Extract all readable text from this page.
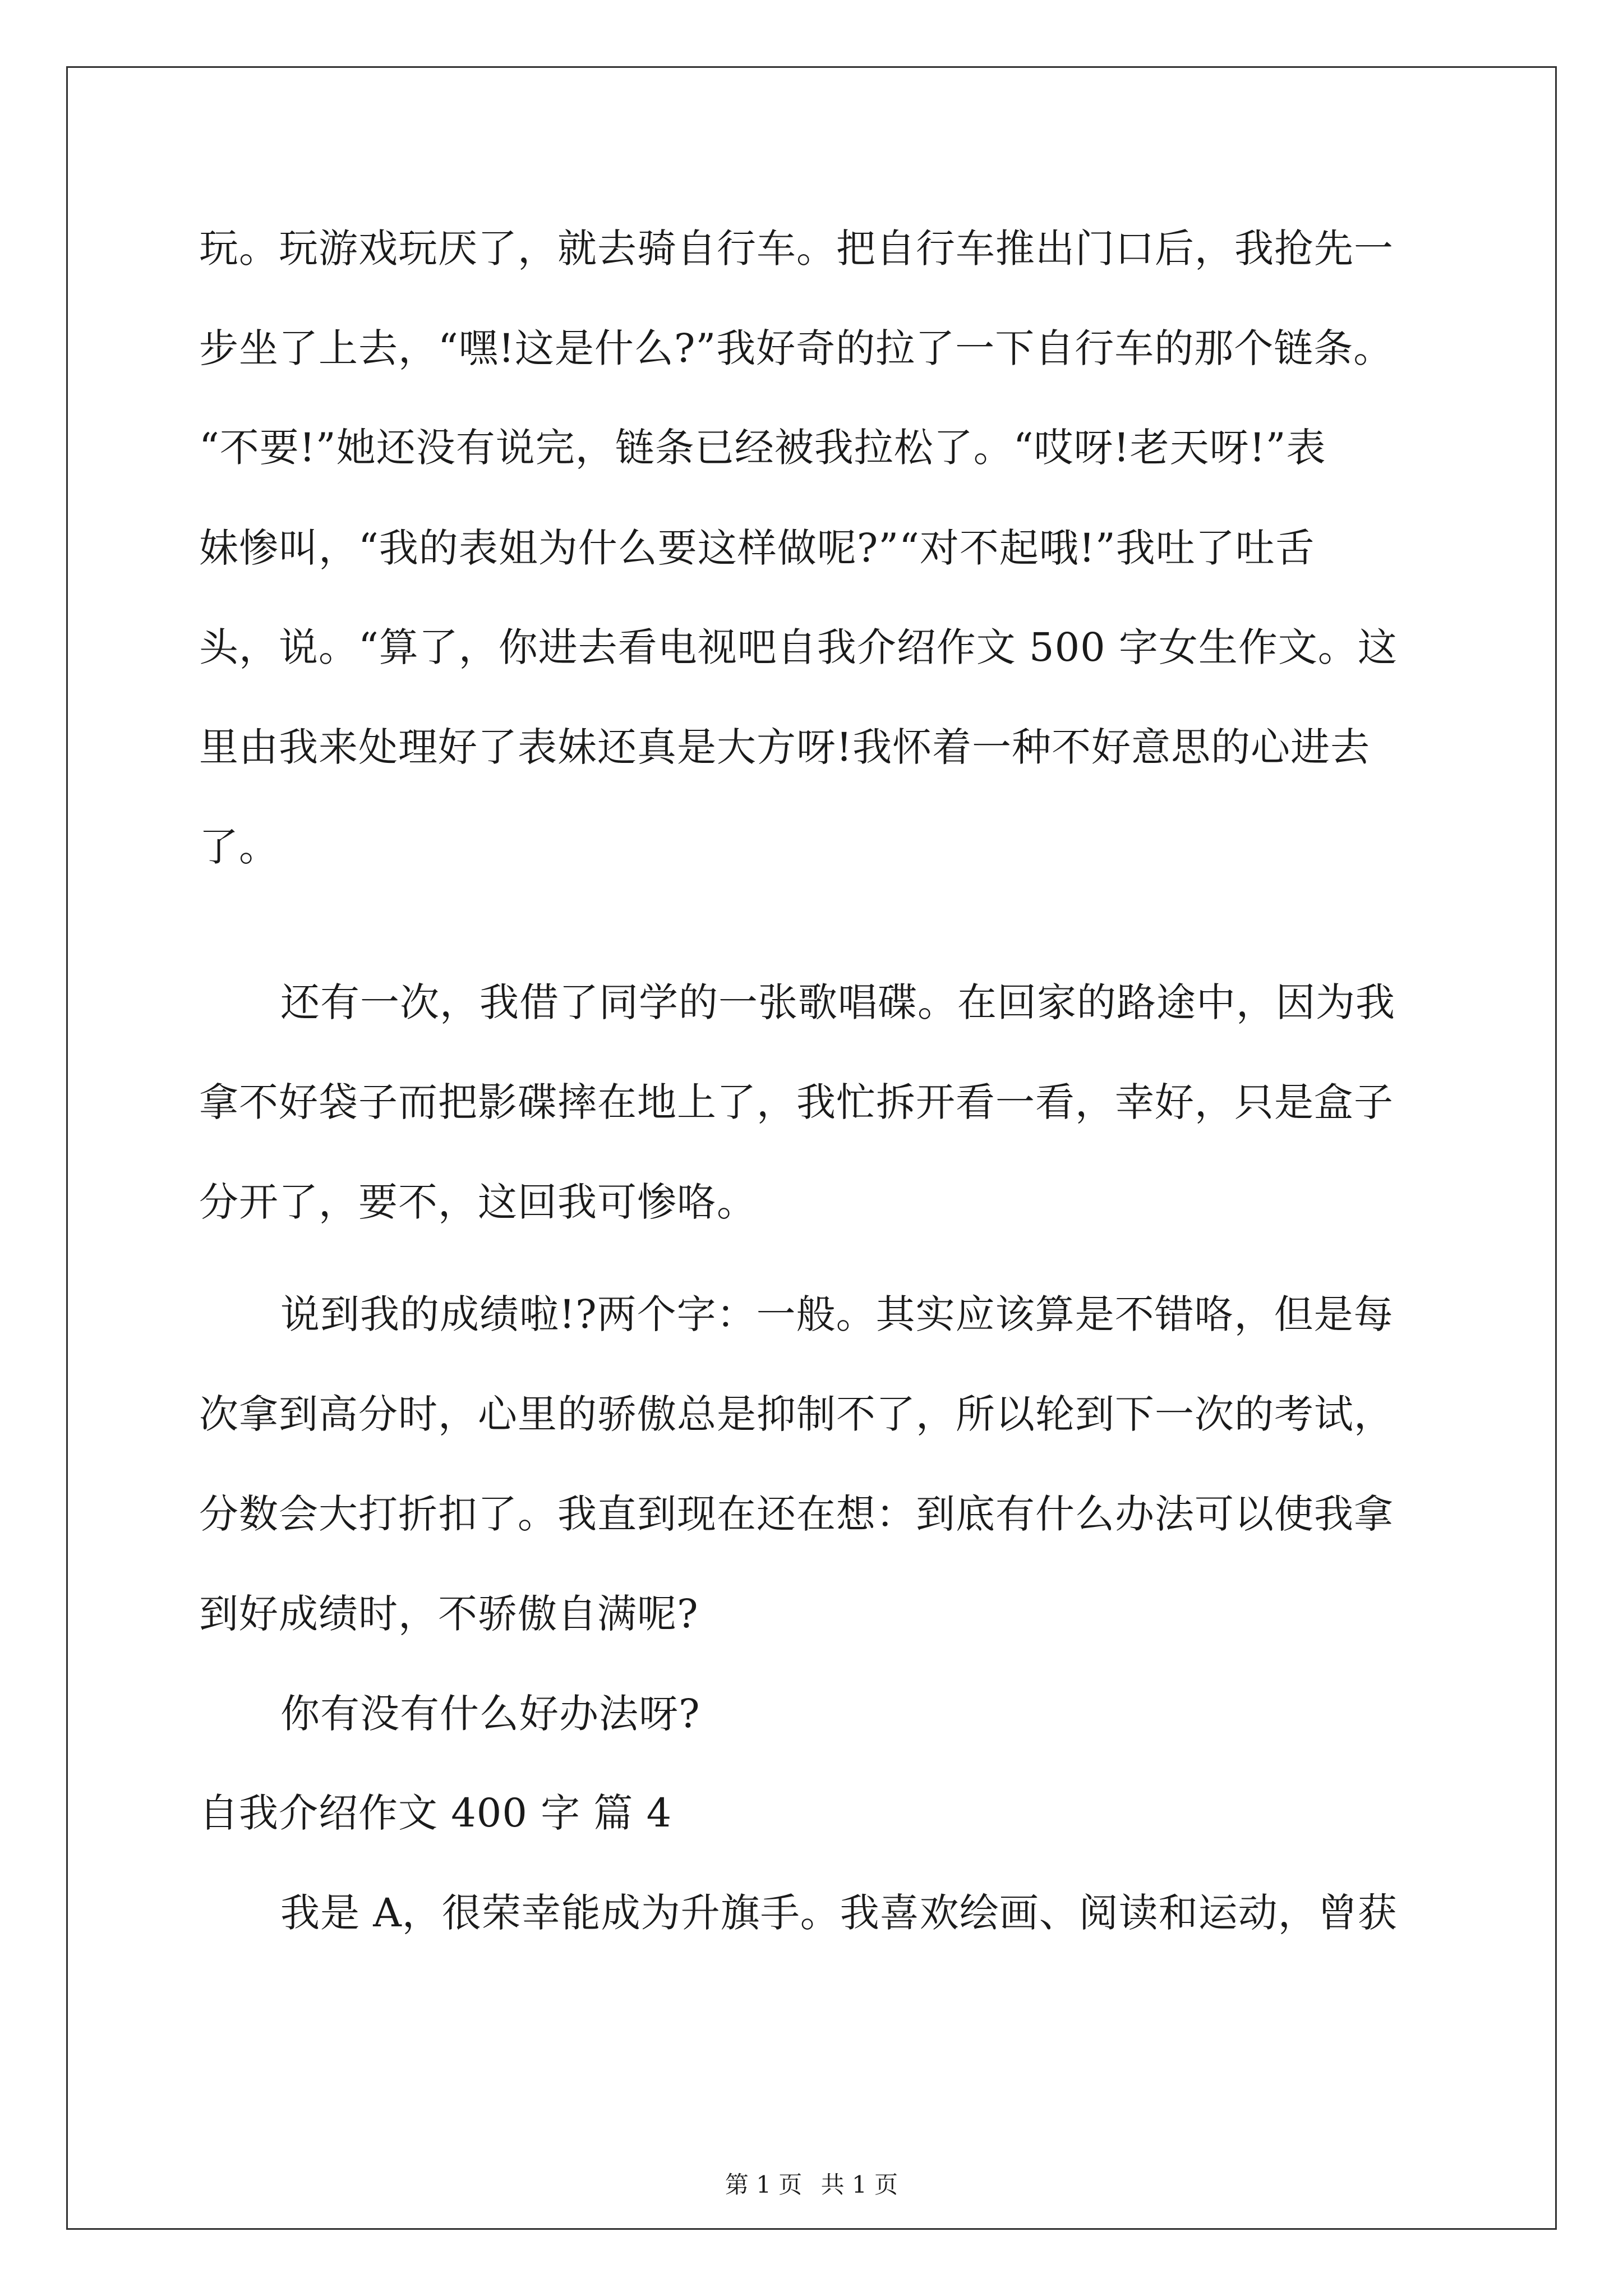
玩。玩游戏玩厌了，就去骑自行车。把自行车推出门口后，我抢先一
步坐了上去，“嘿!这是什么?”我好奇的拉了一下自行车的那个链条。
“不要!”她还没有说完，链条已经被我拉松了。“哎呀!老天呀!”表
妹惨叫，“我的表姐为什么要这样做呢?”“对不起哦!”我吐了吐舌
头，说。“算了，你进去看电视吧自我介绍作文 500 字女生作文。这
里由我来处理好了表妹还真是大方呀!我怀着一种不好意思的心进去
了。
还有一次，我借了同学的一张歌唱碟。在回家的路途中，因为我
拿不好袋子而把影碟摔在地上了，我忙拆开看一看，幸好，只是盒子
分开了，要不，这回我可惨咯。
说到我的成绩啦!?两个字：一般。其实应该算是不错咯，但是每
次拿到高分时，心里的骄傲总是抑制不了，所以轮到下一次的考试，
分数会大打折扣了。我直到现在还在想：到底有什么办法可以使我拿
到好成绩时，不骄傲自满呢?
你有没有什么好办法呀?
自我介绍作文 400 字 篇 4
我是 A，很荣幸能成为升旗手。我喜欢绘画、阅读和运动，曾获
第 1 页 共 1 页
